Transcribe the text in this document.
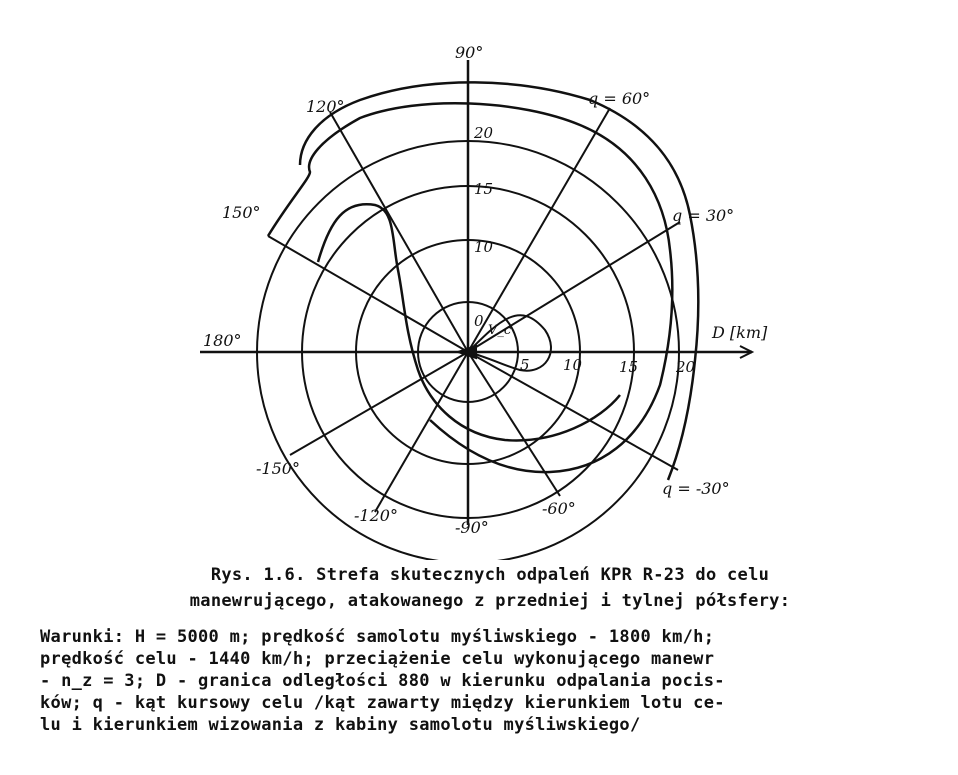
90°
120°
150°
180°
-150°
-120°
-90°
-60°
0
5 10 15	20
10
15
20
D [km]
V_c
q = 60°
q = 30°
q = -30°
Rys. 1.6. Strefa skutecznych odpaleń KPR R-23 do celu
manewrującego, atakowanego z przedniej i tylnej półsfery:
Warunki: H = 5000 m; prędkość samolotu myśliwskiego - 1800 km/h;
prędkość celu - 1440 km/h; przeciążenie celu wykonującego manewr
- n_z = 3; D - granica odległości 880 w kierunku odpalania pocis-
ków; q - kąt kursowy celu /kąt zawarty między kierunkiem lotu ce-
lu i kierunkiem wizowania z kabiny samolotu myśliwskiego/
